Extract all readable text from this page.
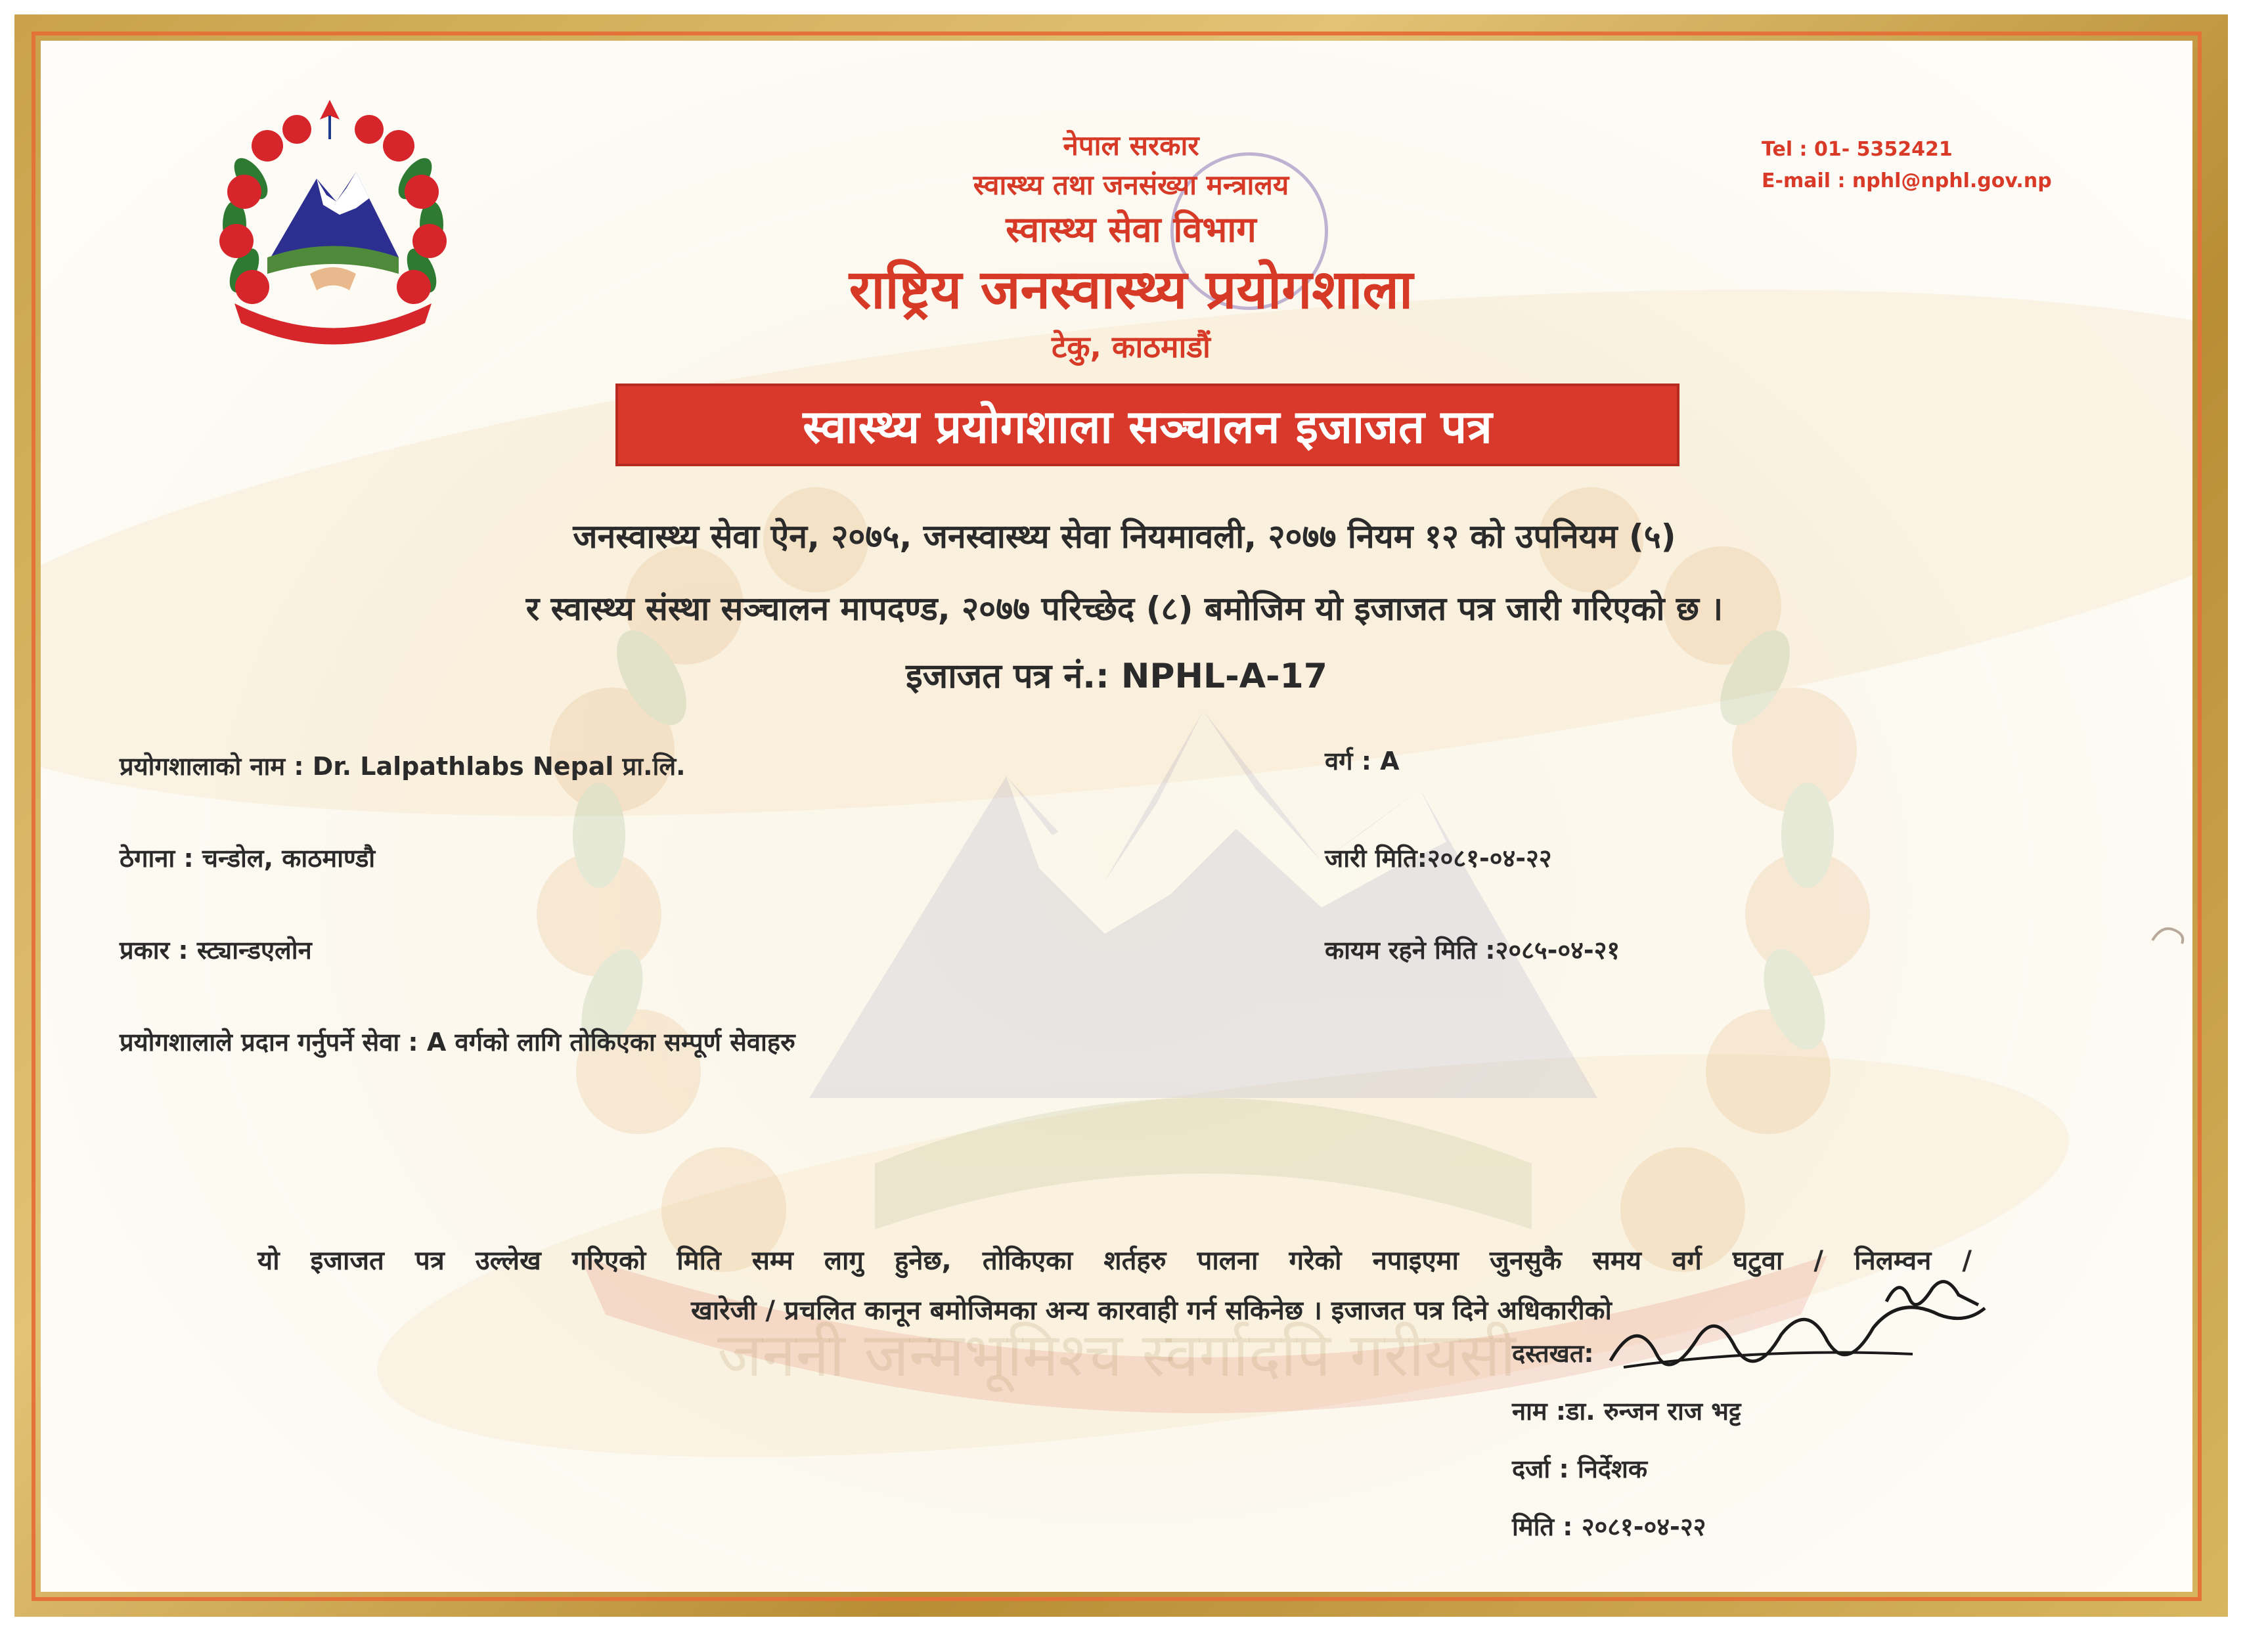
जननी जन्मभूमिश्च स्वर्गादपि गरीयसी
Tel : 01- 5352421
E-mail : nphl@nphl.gov.np
नेपाल सरकार
स्वास्थ्य तथा जनसंख्या मन्त्रालय
स्वास्थ्य सेवा विभाग
राष्ट्रिय जनस्वास्थ्य प्रयोगशाला
टेकु, काठमाडौं
स्वास्थ्य प्रयोगशाला सञ्चालन इजाजत पत्र
जनस्वास्थ्य सेवा ऐन, २०७५, जनस्वास्थ्य सेवा नियमावली, २०७७ नियम १२ को उपनियम (५)
र स्वास्थ्य संस्था सञ्चालन मापदण्ड, २०७७ परिच्छेद (८) बमोजिम यो इजाजत पत्र जारी गरिएको छ ।
इजाजत पत्र नं.: NPHL-A-17
प्रयोगशालाको नाम : Dr. Lalpathlabs Nepal प्रा.लि.
ठेगाना : चन्डोल, काठमाण्डौ
प्रकार : स्ट्यान्डएलोन
प्रयोगशालाले प्रदान गर्नुपर्ने सेवा : A वर्गको लागि तोकिएका सम्पूर्ण सेवाहरु
वर्ग : A
जारी मिति:२०८१-०४-२२
कायम रहने मिति :२०८५-०४-२१
यो इजाजत पत्र उल्लेख गरिएको मिति सम्म लागु हुनेछ, तोकिएका शर्तहरु पालना गरेको नपाइएमा जुनसुकै समय वर्ग घटुवा / निलम्वन /
खारेजी / प्रचलित कानून बमोजिमका अन्य कारवाही गर्न सकिनेछ । इजाजत पत्र दिने अधिकारीको
दस्तखत:
नाम :डा. रुन्जन राज भट्ट
दर्जा : निर्देशक
मिति : २०८१-०४-२२
